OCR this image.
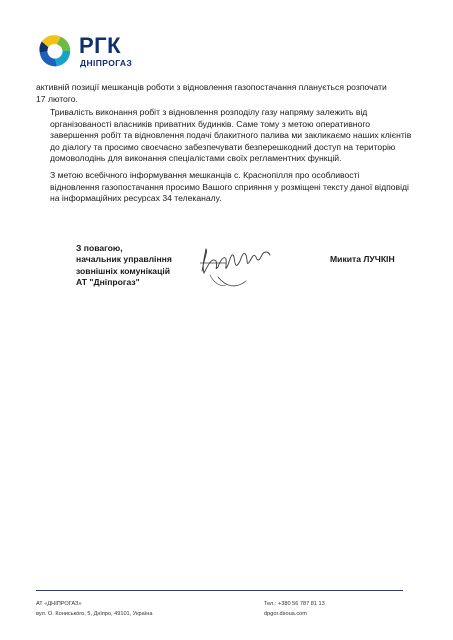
РГК
ДНІПРОГАЗ
активній позиції мешканців роботи з відновлення газопостачання планується розпочати
17 лютого.
Тривалість виконання робіт з відновлення розподілу газу напряму залежить від
організованості власників приватних будинків. Саме тому з метою оперативного
завершення робіт та відновлення подачі блакитного палива ми закликаємо наших клієнтів
до діалогу та просимо своєчасно забезпечувати безперешкодний доступ на територію
домоволодінь для виконання спеціалістами своїх регламентних функцій.
З метою всебічного інформування мешканців с. Краснопілля про особливості
відновлення газопостачання просимо Вашого сприяння у розміщені тексту даної відповіді
на інформаційних ресурсах 34 телеканалу.
З повагою,
начальник управління
зовнішніх комунікацій
АТ "Дніпрогаз"
Микита ЛУЧКІН
АТ «ДНІПРОГАЗ»
вул. О. Конисько́го, 5, Дніпро, 49101, Україна
Тел.: +380 56 787 81 13
dpgor.dsoua.com
